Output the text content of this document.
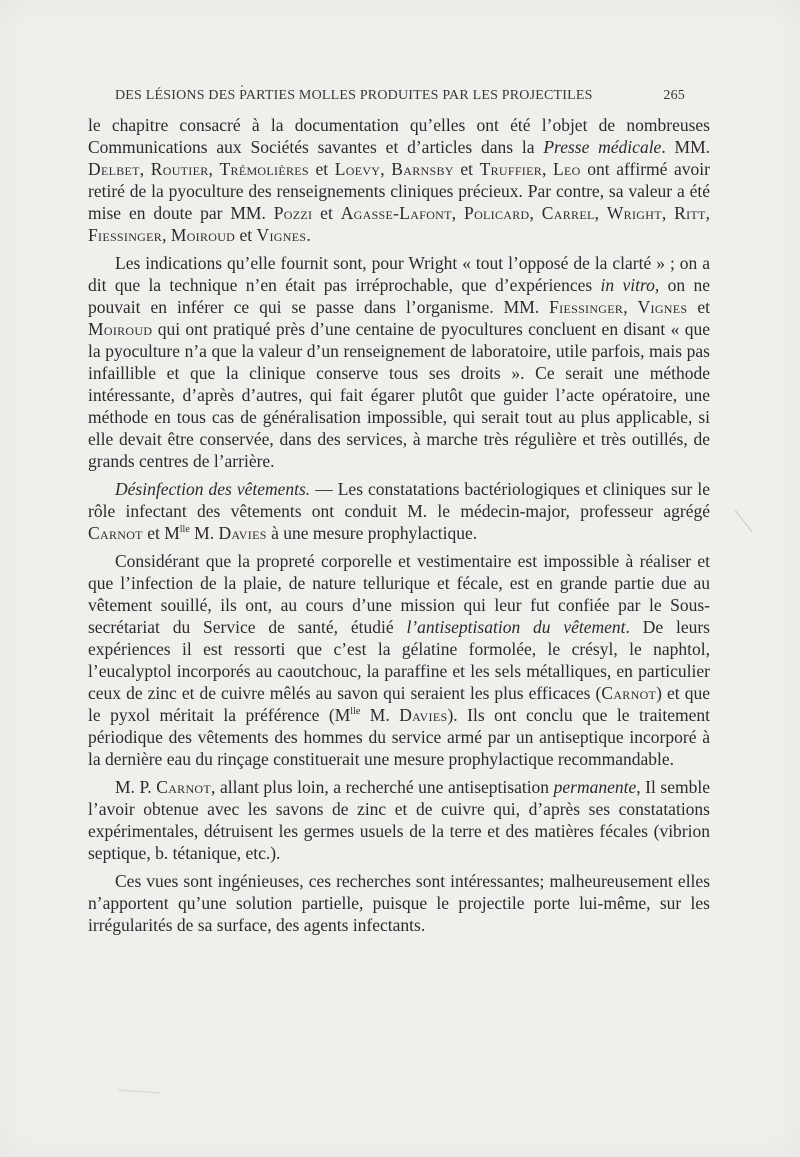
DES LÉSIONS DES PARTIES MOLLES PRODUITES PAR LES PROJECTILES	265

le chapitre consacré à la documentation qu’elles ont été l’objet de nombreuses Communications aux Sociétés savantes et d’articles dans la Presse médicale. MM. Delbet, Routier, Trémolières et Loevy, Barnsby et Truffier, Leo ont affirmé avoir retiré de la pyoculture des renseignements cliniques précieux. Par contre, sa valeur a été mise en doute par MM. Pozzi et Agasse-Lafont, Policard, Carrel, Wright, Ritt, Fiessinger, Moiroud et Vignes.

Les indications qu’elle fournit sont, pour Wright « tout l’opposé de la clarté » ; on a dit que la technique n’en était pas irréprochable, que d’expériences in vitro, on ne pouvait en inférer ce qui se passe dans l’organisme. MM. Fiessinger, Vignes et Moiroud qui ont pratiqué près d’une centaine de pyocultures concluent en disant « que la pyoculture n’a que la valeur d’un renseignement de laboratoire, utile parfois, mais pas infaillible et que la clinique conserve tous ses droits ». Ce serait une méthode intéressante, d’après d’autres, qui fait égarer plutôt que guider l’acte opératoire, une méthode en tous cas de généralisation impossible, qui serait tout au plus applicable, si elle devait être conservée, dans des services, à marche très régulière et très outillés, de grands centres de l’arrière.

Désinfection des vêtements. — Les constatations bactériologiques et cliniques sur le rôle infectant des vêtements ont conduit M. le médecin-major, professeur agrégé Carnot et $M^{lle}$ M. Davies à une mesure prophylactique.

Considérant que la propreté corporelle et vestimentaire est impossible à réaliser et que l’infection de la plaie, de nature tellurique et fécale, est en grande partie due au vêtement souillé, ils ont, au cours d’une mission qui leur fut confiée par le Sous-secrétariat du Service de santé, étudié l’antiseptisation du vêtement. De leurs expériences il est ressorti que c’est la gélatine formolée, le crésyl, le naphtol, l’eucalyptol incorporés au caoutchouc, la paraffine et les sels métalliques, en particulier ceux de zinc et de cuivre mêlés au savon qui seraient les plus efficaces (Carnot) et que le pyxol méritait la préférence ($M^{lle}$ M. Davies). Ils ont conclu que le traitement périodique des vêtements des hommes du service armé par un antiseptique incorporé à la dernière eau du rinçage constituerait une mesure prophylactique recommandable.

M. P. Carnot, allant plus loin, a recherché une antiseptisation permanente, Il semble l’avoir obtenue avec les savons de zinc et de cuivre qui, d’après ses constatations expérimentales, détruisent les germes usuels de la terre et des matières fécales (vibrion septique, b. tétanique, etc.).

Ces vues sont ingénieuses, ces recherches sont intéressantes; malheureusement elles n’apportent qu’une solution partielle, puisque le projectile porte lui-même, sur les irrégularités de sa surface, des agents infectants.
